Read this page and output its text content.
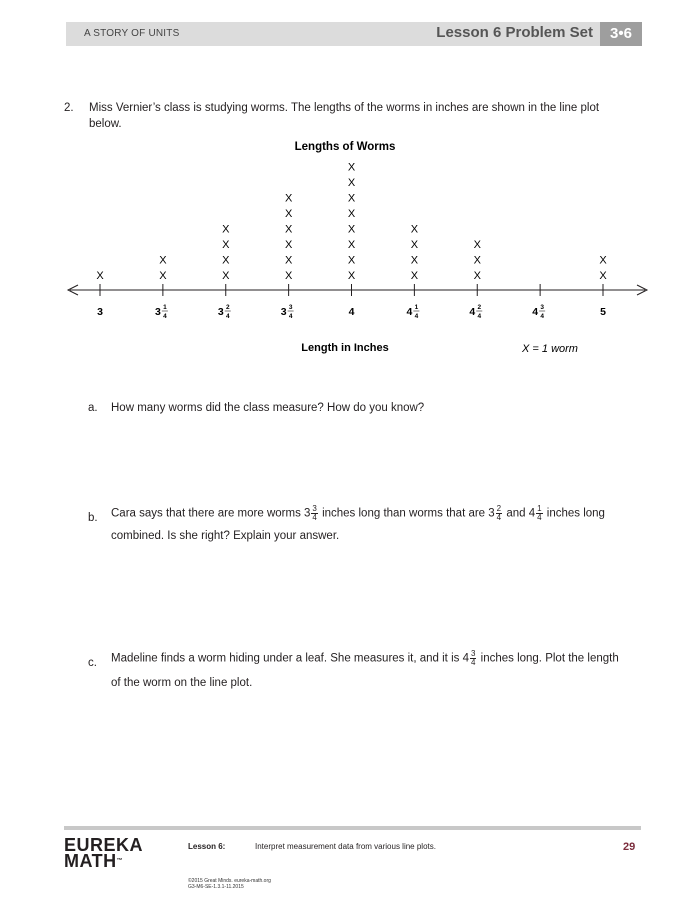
A STORY OF UNITS	Lesson 6 Problem Set	3•6
2. Miss Vernier’s class is studying worms. The lengths of the worms in inches are shown in the line plot
below.
Lengths of Worms
X	X
X
X
X
X
X
X
X
X
X
X
X
X
X
X
X
X
X
X
X
X
X
X
X
X
X
X
X
X
3	3 1
4	3 2
4	3 3
4	4	4 1
4	4 2
4	4 3
4	5
Length in Inches	X = 1 worm
a. How many worms did the class measure? How do you know?
b. Cara says that there are more worms $3 \frac{3}{4}$ inches long than worms that are $3 \frac{2}{4}$ and $4 \frac{1}{4}$ inches long
combined. Is she right? Explain your answer.
c. Madeline finds a worm hiding under a leaf. She measures it, and it is $4 \frac{3}{4}$ inches long. Plot the length
of the worm on the line plot.
EUREKA
MATH™
Lesson 6:	Interpret measurement data from various line plots.	29
©2015 Great Minds. eureka-math.org
G3-M6-SE-1.3.1-11.2015
